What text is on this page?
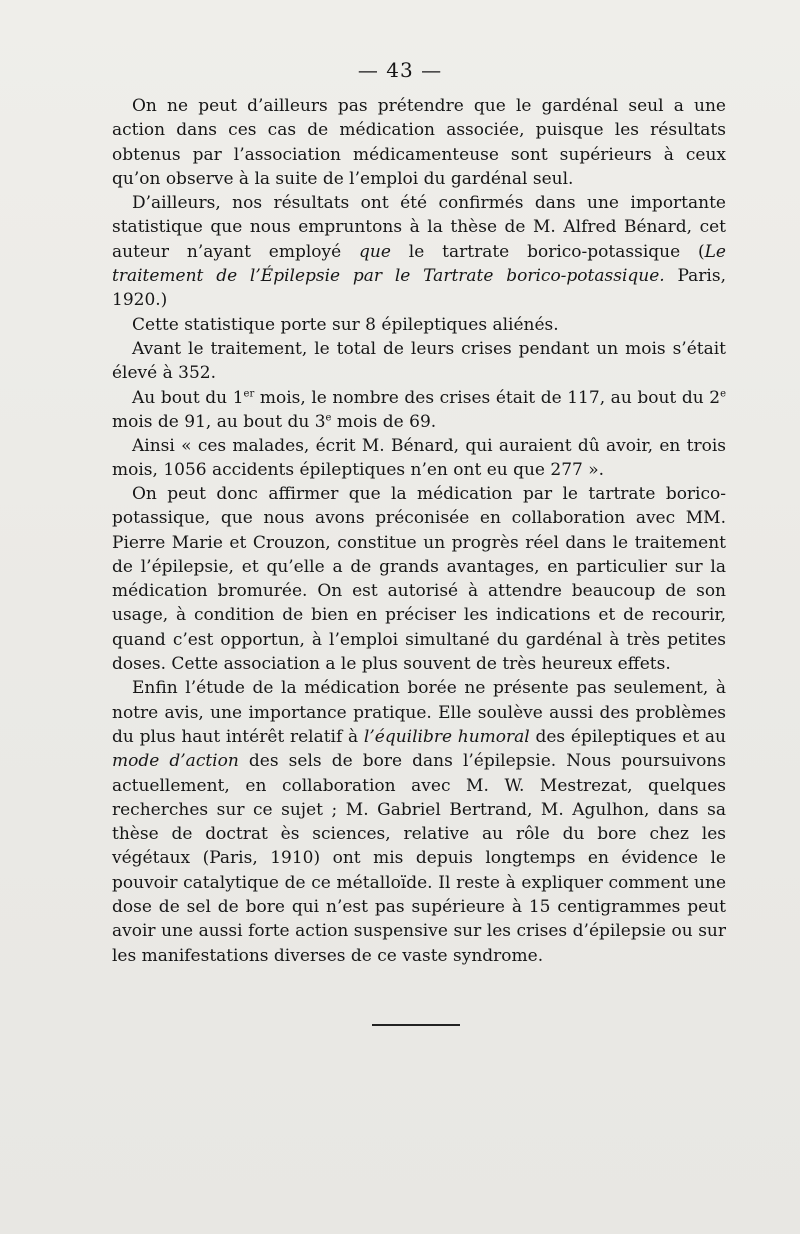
— 43 —

On ne peut d’ailleurs pas prétendre que le gardénal seul a une action dans ces cas de médication associée, puisque les résultats obtenus par l’association médicamenteuse sont supérieurs à ceux qu’on observe à la suite de l’emploi du gardénal seul.

D’ailleurs, nos résultats ont été confirmés dans une importante statistique que nous empruntons à la thèse de M. Alfred Bénard, cet auteur n’ayant employé que le tartrate borico-potassique (Le traitement de l’Épilepsie par le Tartrate borico-potassique. Paris, 1920.)

Cette statistique porte sur 8 épileptiques aliénés.

Avant le traitement, le total de leurs crises pendant un mois s’était élevé à 352.

Au bout du 1er mois, le nombre des crises était de 117, au bout du 2e mois de 91, au bout du 3e mois de 69.

Ainsi « ces malades, écrit M. Bénard, qui auraient dû avoir, en trois mois, 1056 accidents épileptiques n’en ont eu que 277 ».

On peut donc affirmer que la médication par le tartrate borico-potassique, que nous avons préconisée en collaboration avec MM. Pierre Marie et Crouzon, constitue un progrès réel dans le traitement de l’épilepsie, et qu’elle a de grands avantages, en particulier sur la médication bromurée. On est autorisé à attendre beaucoup de son usage, à condition de bien en préciser les indications et de recourir, quand c’est opportun, à l’emploi simultané du gardénal à très petites doses. Cette association a le plus souvent de très heureux effets.

Enfin l’étude de la médication borée ne présente pas seulement, à notre avis, une importance pratique. Elle soulève aussi des problèmes du plus haut intérêt relatif à l’équilibre humoral des épileptiques et au mode d’action des sels de bore dans l’épilepsie. Nous poursuivons actuellement, en collaboration avec M. W. Mestrezat, quelques recherches sur ce sujet ; M. Gabriel Bertrand, M. Agulhon, dans sa thèse de doctrat ès sciences, relative au rôle du bore chez les végétaux (Paris, 1910) ont mis depuis longtemps en évidence le pouvoir catalytique de ce métalloïde. Il reste à expliquer comment une dose de sel de bore qui n’est pas supérieure à 15 centigrammes peut avoir une aussi forte action suspensive sur les crises d’épilepsie ou sur les manifestations diverses de ce vaste syndrome.
